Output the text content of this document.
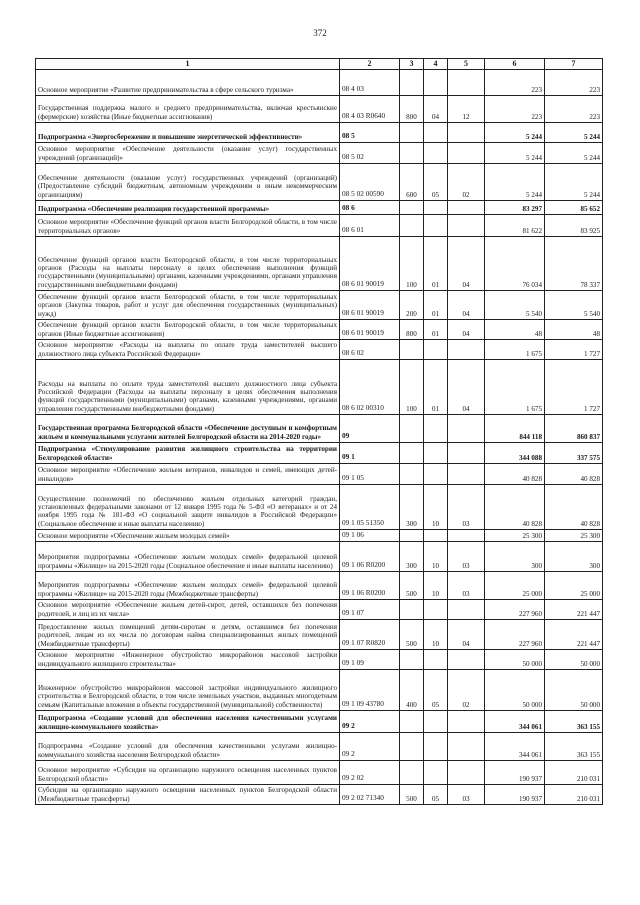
372
1	2	3	4	5	6	7
Основное мероприятие «Развитие предпринимательства в сфере сельского туризма»	08 4 03				223	223
Государственная поддержка малого и среднего предпринимательства, включая крестьянские (фермерские) хозяйства (Иные бюджетные ассигнования)	08 4 03 R0640	800	04	12	223	223
Подпрограмма «Энергосбережение и повышение энергетической эффективности»	08 5				5 244	5 244
Основное мероприятие «Обеспечение деятельности (оказание услуг) государственных учреждений (организаций)»	08 5 02				5 244	5 244
Обеспечение деятельности (оказание услуг) государственных учреждений (организаций) (Предоставление субсидий бюджетным, автономным учреждениям и иным некоммерческим организациям)	08 5 02 00590	600	05	02	5 244	5 244
Подпрограмма «Обеспечение реализации государственной программы»	08 6				83 297	85 652
Основное мероприятие «Обеспечение функций органов власти Белгородской области, в том числе территориальных органов»	08 6 01				81 622	83 925
Обеспечение функций органов власти Белгородской области, в том числе территориальных органов (Расходы на выплаты персоналу в целях обеспечения выполнения функций государственными (муниципальными) органами, казенными учреждениями, органами управления государственными внебюджетными фондами)	08 6 01 90019	100	01	04	76 034	78 337
Обеспечение функций органов власти Белгородской области, в том числе территориальных органов (Закупка товаров, работ и услуг для обеспечения государственных (муниципальных) нужд)	08 6 01 90019	200	01	04	5 540	5 540
Обеспечение функций органов власти Белгородской области, в том числе территориальных органов (Иные бюджетные ассигнования)	08 6 01 90019	800	01	04	48	48
Основное мероприятие «Расходы на выплаты по оплате труда заместителей высшего должностного лица субъекта Российской Федерации»	08 6 02				1 675	1 727
Расходы на выплаты по оплате труда заместителей высшего должностного лица субъекта Российской Федерации (Расходы на выплаты персоналу в целях обеспечения выполнения функций государственными (муниципальными) органами, казенными учреждениями, органами управления государственными внебюджетными фондами)	08 6 02 00310	100	01	04	1 675	1 727
Государственная программа Белгородской области «Обеспечение доступным и комфортным жильем и коммунальными услугами жителей Белгородской области на 2014-2020 годы»	09				844 118	860 837
Подпрограмма «Стимулирование развития жилищного строительства на территории Белгородской области»	09 1				344 088	337 575
Основное мероприятие «Обеспечение жильем ветеранов, инвалидов и семей, имеющих детей-инвалидов»	09 1 05				40 828	40 828
Осуществление полномочий по обеспечению жильем отдельных категорий граждан, установленных федеральными законами от 12 января 1995 года № 5-ФЗ «О ветеранах» и от 24 ноября 1995 года № 181-ФЗ «О социальной защите инвалидов в Российской Федерации» (Социальное обеспечение и иные выплаты населению)	09 1 05 51350	300	10	03	40 828	40 828
Основное мероприятие «Обеспечение жильем молодых семей»	09 1 06				25 300	25 300
Мероприятия подпрограммы «Обеспечение жильем молодых семей» федеральной целевой программы «Жилище» на 2015-2020 годы (Социальное обеспечение и иные выплаты населению)	09 1 06 R0200	300	10	03	300	300
Мероприятия подпрограммы «Обеспечение жильем молодых семей» федеральной целевой программы «Жилище» на 2015-2020 годы (Межбюджетные трансферты)	09 1 06 R0200	500	10	03	25 000	25 000
Основное мероприятие «Обеспечение жильем детей-сирот, детей, оставшихся без попечения родителей, и лиц из их числа»	09 1 07				227 960	221 447
Предоставление жилых помещений детям-сиротам и детям, оставшимся без попечения родителей, лицам из их числа по договорам найма специализированных жилых помещений (Межбюджетные трансферты)	09 1 07 R0820	500	10	04	227 960	221 447
Основное мероприятие «Инженерное обустройство микрорайонов массовой застройки индивидуального жилищного строительства»	09 1 09				50 000	50 000
Инженерное обустройство микрорайонов массовой застройки индивидуального жилищного строительства в Белгородской области, в том числе земельных участков, выданных многодетным семьям (Капитальные вложения в объекты государственной (муниципальной) собственности)	09 1 09 43780	400	05	02	50 000	50 000
Подпрограмма «Создание условий для обеспечения населения качественными услугами жилищно-коммунального хозяйства»	09 2				344 061	363 155
Подпрограмма «Создание условий для обеспечения качественными услугами жилищно-коммунального хозяйства населения Белгородской области»	09 2				344 061	363 155
Основное мероприятие «Субсидия на организацию наружного освещения населенных пунктов Белгородской области»	09 2 02				190 937	210 031
Субсидия на организацию наружного освещения населенных пунктов Белгородской области (Межбюджетные трансферты)	09 2 02 71340	500	05	03	190 937	210 031
